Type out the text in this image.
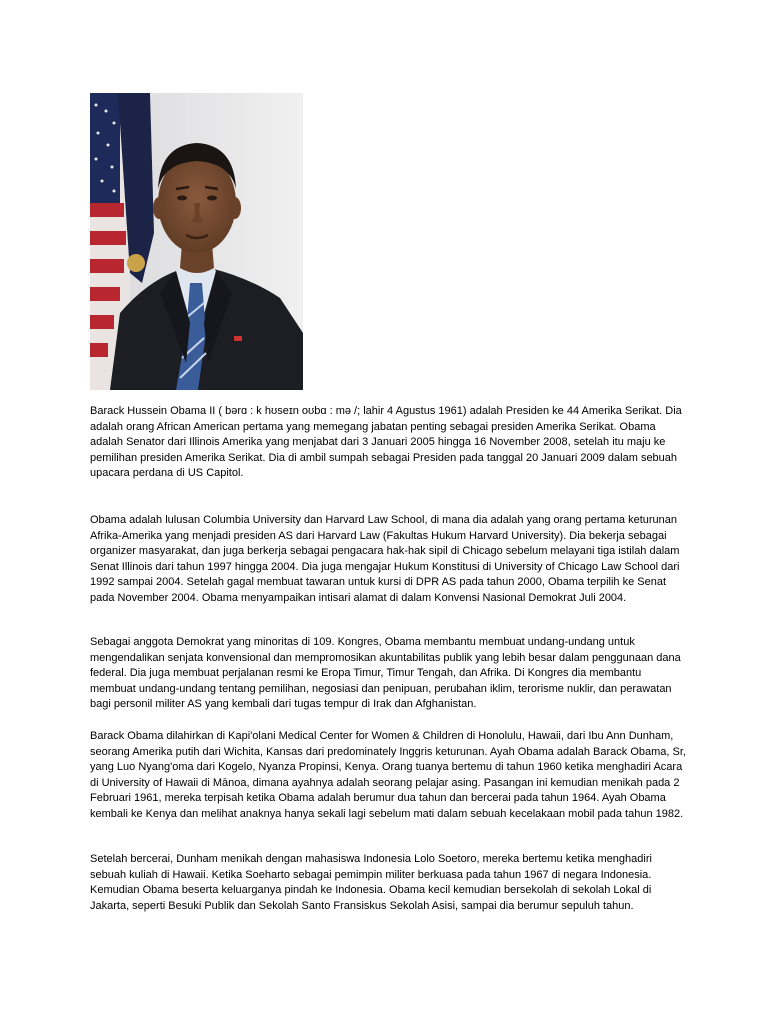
Barack Hussein Obama II ( bərɑ : k hʊseɪn oʊbɑ : mə /; lahir 4 Agustus 1961) adalah Presiden ke 44 Amerika Serikat. Dia adalah orang African American pertama yang memegang jabatan penting sebagai presiden Amerika Serikat. Obama adalah Senator dari Illinois Amerika yang menjabat dari 3 Januari 2005 hingga 16 November 2008, setelah itu maju ke pemilihan presiden Amerika Serikat. Dia di ambil sumpah sebagai Presiden pada tanggal 20 Januari 2009 dalam sebuah upacara perdana di US Capitol.

Obama adalah lulusan Columbia University dan Harvard Law School, di mana dia adalah yang orang pertama keturunan Afrika-Amerika yang menjadi presiden AS dari Harvard Law (Fakultas Hukum Harvard University). Dia bekerja sebagai organizer masyarakat, dan juga berkerja sebagai pengacara hak-hak sipil di Chicago sebelum melayani tiga istilah dalam Senat Illinois dari tahun 1997 hingga 2004. Dia juga mengajar Hukum Konstitusi di University of Chicago Law School dari 1992 sampai 2004. Setelah gagal membuat tawaran untuk kursi di DPR AS pada tahun 2000, Obama terpilih ke Senat pada November 2004. Obama menyampaikan intisari alamat di dalam Konvensi Nasional Demokrat Juli 2004.

Sebagai anggota Demokrat yang minoritas di 109. Kongres, Obama membantu membuat undang-undang untuk mengendalikan senjata konvensional dan mempromosikan akuntabilitas publik yang lebih besar dalam penggunaan dana federal. Dia juga membuat perjalanan resmi ke Eropa Timur, Timur Tengah, dan Afrika. Di Kongres dia membantu membuat undang-undang tentang pemilihan, negosiasi dan penipuan, perubahan iklim, terorisme nuklir, dan perawatan bagi personil militer AS yang kembali dari tugas tempur di Irak dan Afghanistan.

Barack Obama dilahirkan di Kapi'olani Medical Center for Women & Children di Honolulu, Hawaii, dari Ibu Ann Dunham, seorang Amerika putih dari Wichita, Kansas dari predominately Inggris keturunan. Ayah Obama adalah Barack Obama, Sr, yang Luo Nyang'oma dari Kogelo, Nyanza Propinsi, Kenya. Orang tuanya bertemu di tahun 1960 ketika menghadiri Acara di University of Hawaii di Mānoa, dimana ayahnya adalah seorang pelajar asing. Pasangan ini kemudian menikah pada 2 Februari 1961, mereka terpisah ketika Obama adalah berumur dua tahun dan bercerai pada tahun 1964. Ayah Obama kembali ke Kenya dan melihat anaknya hanya sekali lagi sebelum mati dalam sebuah kecelakaan mobil pada tahun 1982.

Setelah bercerai, Dunham menikah dengan mahasiswa Indonesia Lolo Soetoro, mereka bertemu ketika menghadiri sebuah kuliah di Hawaii. Ketika Soeharto sebagai pemimpin militer berkuasa pada tahun 1967 di negara Indonesia. Kemudian Obama beserta keluarganya pindah ke Indonesia. Obama kecil kemudian bersekolah di sekolah Lokal di Jakarta, seperti Besuki Publik dan Sekolah Santo Fransiskus Sekolah Asisi, sampai dia berumur sepuluh tahun.
